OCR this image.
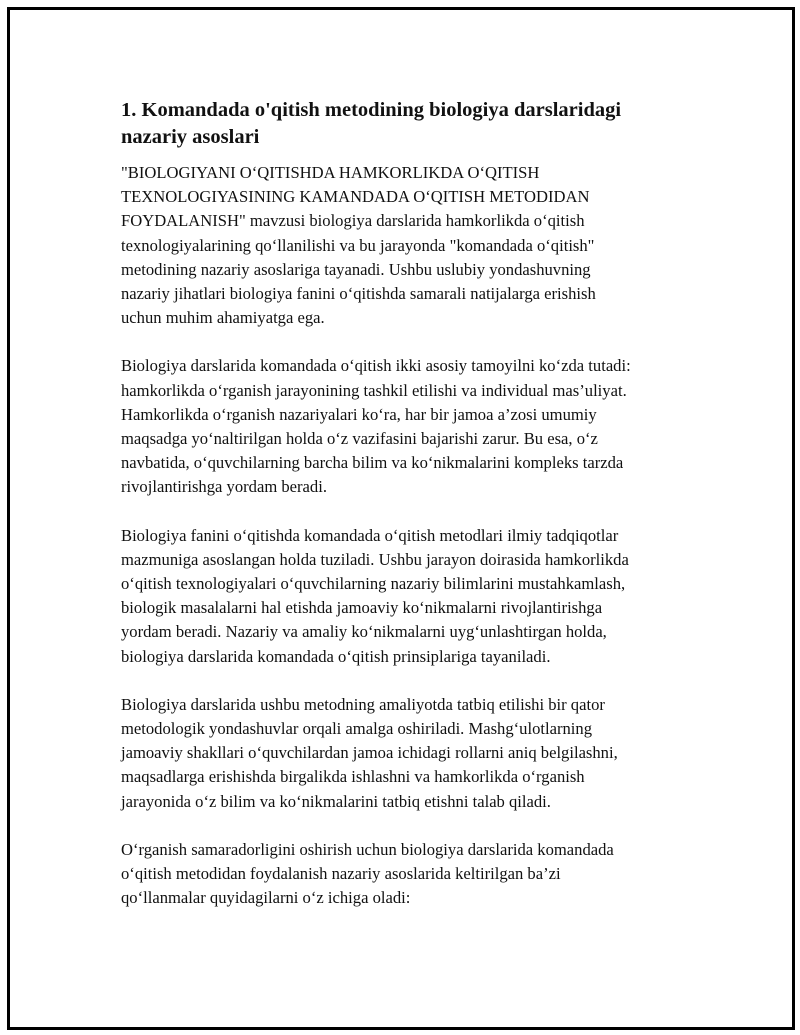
1. Komandada o'qitish metodining biologiya darslaridagi
nazariy asoslari

"BIOLOGIYANI O‘QITISHDA HAMKORLIKDA O‘QITISH
TEXNOLOGIYASINING KAMANDADA O‘QITISH METODIDAN
FOYDALANISH" mavzusi biologiya darslarida hamkorlikda o‘qitish
texnologiyalarining qo‘llanilishi va bu jarayonda "komandada o‘qitish"
metodining nazariy asoslariga tayanadi. Ushbu uslubiy yondashuvning
nazariy jihatlari biologiya fanini o‘qitishda samarali natijalarga erishish
uchun muhim ahamiyatga ega.

Biologiya darslarida komandada o‘qitish ikki asosiy tamoyilni ko‘zda tutadi:
hamkorlikda o‘rganish jarayonining tashkil etilishi va individual mas’uliyat.
Hamkorlikda o‘rganish nazariyalari ko‘ra, har bir jamoa a’zosi umumiy
maqsadga yo‘naltirilgan holda o‘z vazifasini bajarishi zarur. Bu esa, o‘z
navbatida, o‘quvchilarning barcha bilim va ko‘nikmalarini kompleks tarzda
rivojlantirishga yordam beradi.

Biologiya fanini o‘qitishda komandada o‘qitish metodlari ilmiy tadqiqotlar
mazmuniga asoslangan holda tuziladi. Ushbu jarayon doirasida hamkorlikda
o‘qitish texnologiyalari o‘quvchilarning nazariy bilimlarini mustahkamlash,
biologik masalalarni hal etishda jamoaviy ko‘nikmalarni rivojlantirishga
yordam beradi. Nazariy va amaliy ko‘nikmalarni uyg‘unlashtirgan holda,
biologiya darslarida komandada o‘qitish prinsiplariga tayaniladi.

Biologiya darslarida ushbu metodning amaliyotda tatbiq etilishi bir qator
metodologik yondashuvlar orqali amalga oshiriladi. Mashg‘ulotlarning
jamoaviy shakllari o‘quvchilardan jamoa ichidagi rollarni aniq belgilashni,
maqsadlarga erishishda birgalikda ishlashni va hamkorlikda o‘rganish
jarayonida o‘z bilim va ko‘nikmalarini tatbiq etishni talab qiladi.

O‘rganish samaradorligini oshirish uchun biologiya darslarida komandada
o‘qitish metodidan foydalanish nazariy asoslarida keltirilgan ba’zi
qo‘llanmalar quyidagilarni o‘z ichiga oladi:
